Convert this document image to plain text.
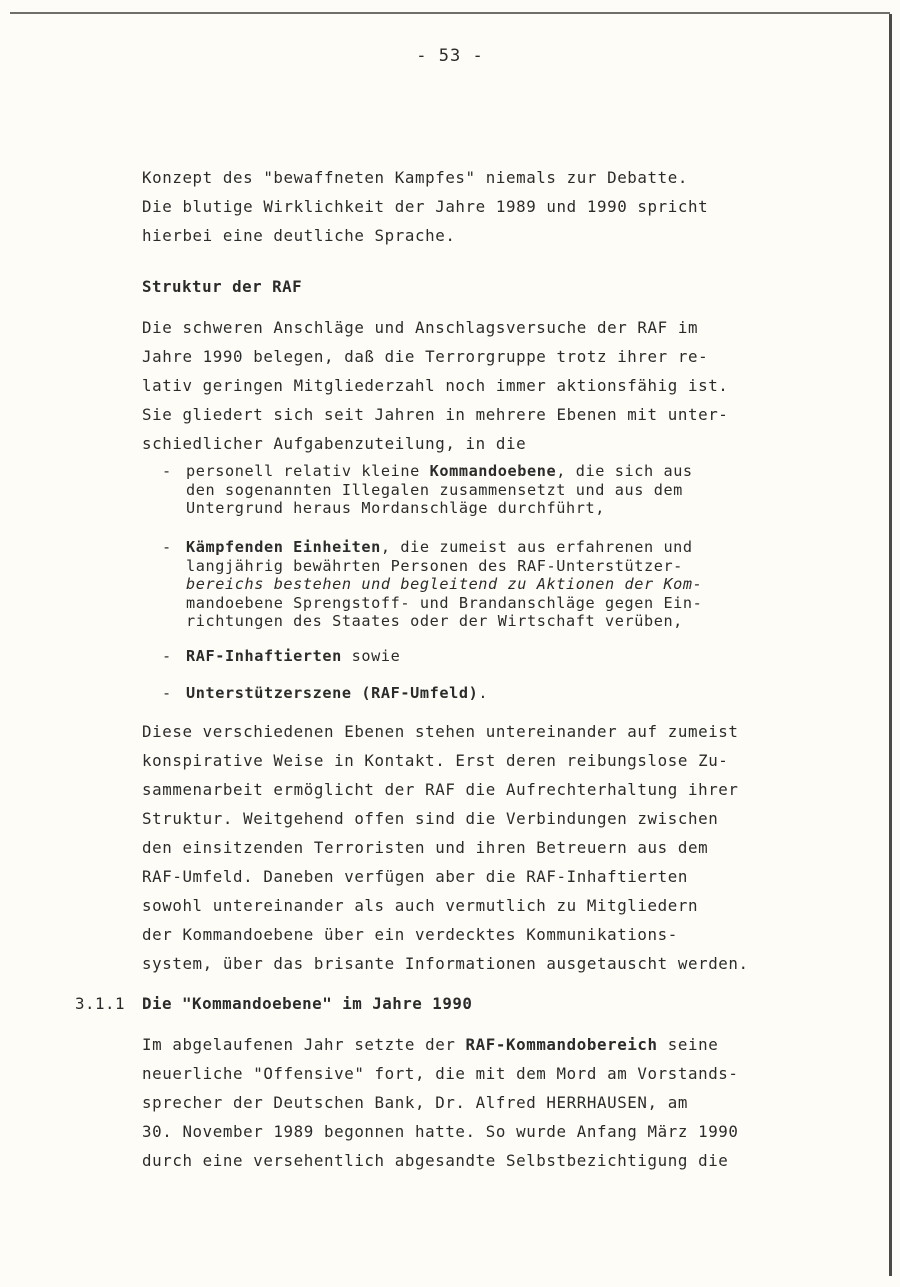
- 53 -
Konzept des "bewaffneten Kampfes" niemals zur Debatte.
Die blutige Wirklichkeit der Jahre 1989 und 1990 spricht
hierbei eine deutliche Sprache.
Struktur der RAF
Die schweren Anschläge und Anschlagsversuche der RAF im
Jahre 1990 belegen, daß die Terrorgruppe trotz ihrer re-
lativ geringen Mitgliederzahl noch immer aktionsfähig ist.
Sie gliedert sich seit Jahren in mehrere Ebenen mit unter-
schiedlicher Aufgabenzuteilung, in die
- personell relativ kleine Kommandoebene, die sich aus
den sogenannten Illegalen zusammensetzt und aus dem
Untergrund heraus Mordanschläge durchführt,
- Kämpfenden Einheiten, die zumeist aus erfahrenen und
langjährig bewährten Personen des RAF-Unterstützer-
bereichs bestehen und begleitend zu Aktionen der Kom-
mandoebene Sprengstoff- und Brandanschläge gegen Ein-
richtungen des Staates oder der Wirtschaft verüben,
- RAF-Inhaftierten sowie
- Unterstützerszene (RAF-Umfeld).
Diese verschiedenen Ebenen stehen untereinander auf zumeist
konspirative Weise in Kontakt. Erst deren reibungslose Zu-
sammenarbeit ermöglicht der RAF die Aufrechterhaltung ihrer
Struktur. Weitgehend offen sind die Verbindungen zwischen
den einsitzenden Terroristen und ihren Betreuern aus dem
RAF-Umfeld. Daneben verfügen aber die RAF-Inhaftierten
sowohl untereinander als auch vermutlich zu Mitgliedern
der Kommandoebene über ein verdecktes Kommunikations-
system, über das brisante Informationen ausgetauscht werden.
3.1.1 Die "Kommandoebene" im Jahre 1990
Im abgelaufenen Jahr setzte der RAF-Kommandobereich seine
neuerliche "Offensive" fort, die mit dem Mord am Vorstands-
sprecher der Deutschen Bank, Dr. Alfred HERRHAUSEN, am
30. November 1989 begonnen hatte. So wurde Anfang März 1990
durch eine versehentlich abgesandte Selbstbezichtigung die
